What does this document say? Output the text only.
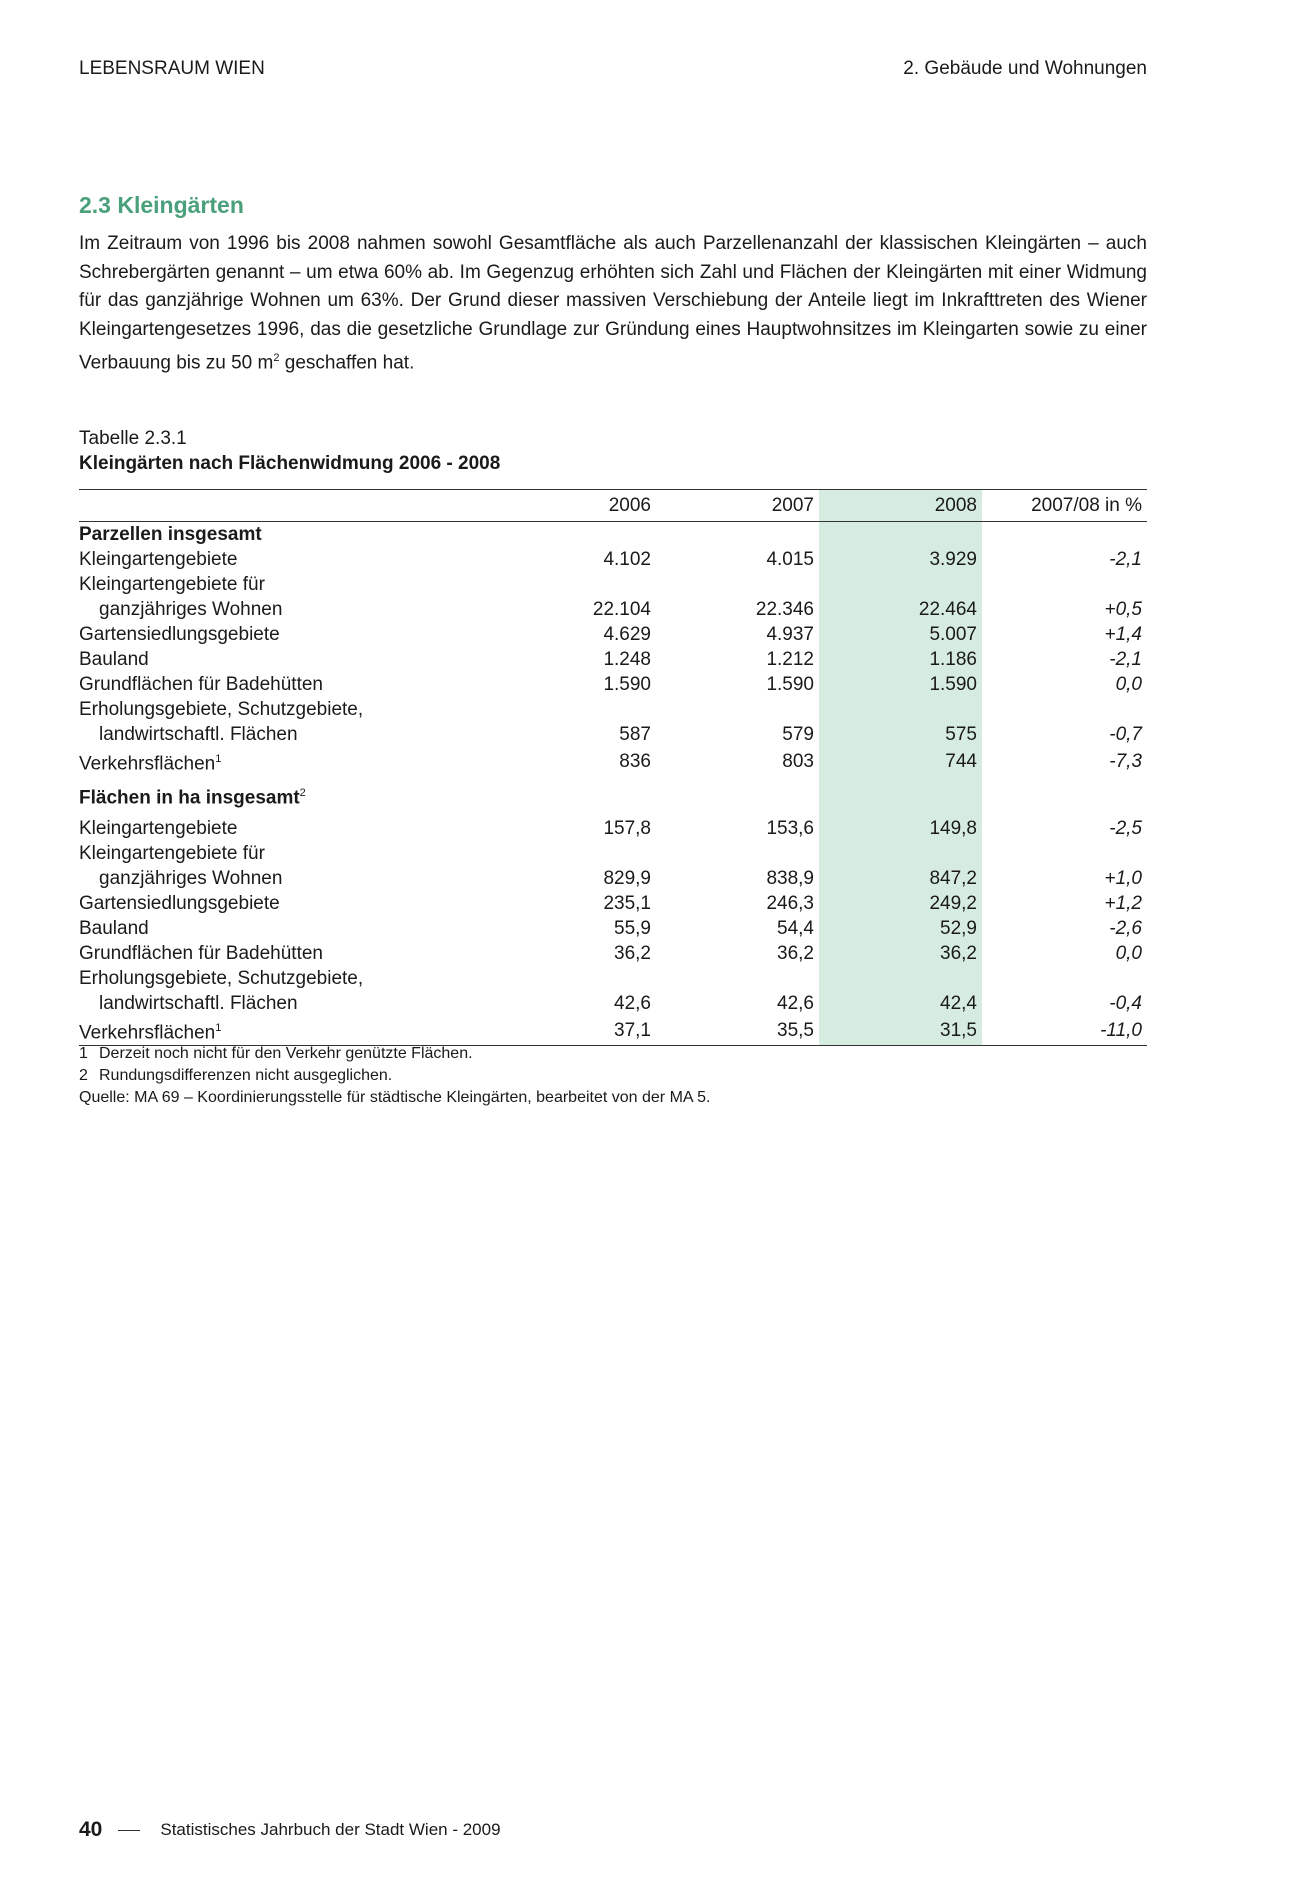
LEBENSRAUM WIEN	2. Gebäude und Wohnungen
2.3 Kleingärten

Im Zeitraum von 1996 bis 2008 nahmen sowohl Gesamtfläche als auch Parzellenanzahl der klassischen Kleingärten – auch Schrebergärten genannt – um etwa 60% ab. Im Gegenzug erhöhten sich Zahl und Flächen der Kleingärten mit einer Widmung für das ganzjährige Wohnen um 63%. Der Grund dieser massiven Verschiebung der Anteile liegt im Inkrafttreten des Wiener Kleingartengesetzes 1996, das die gesetzliche Grundlage zur Gründung eines Hauptwohnsitzes im Kleingarten sowie zu einer Verbauung bis zu 50 $m^2$ geschaffen hat.

Tabelle 2.3.1
Kleingärten nach Flächenwidmung 2006 - 2008
	2006	2007	2008	2007/08 in %
Parzellen insgesamt				
Kleingartengebiete	4.102	4.015	3.929	-2,1
Kleingartengebiete für				
ganzjähriges Wohnen	22.104	22.346	22.464	+0,5
Gartensiedlungsgebiete	4.629	4.937	5.007	+1,4
Bauland	1.248	1.212	1.186	-2,1
Grundflächen für Badehütten	1.590	1.590	1.590	0,0
Erholungsgebiete, Schutzgebiete,				
landwirtschaftl. Flächen	587	579	575	-0,7
Verkehrsflächen$^1$	836	803	744	-7,3
Flächen in ha insgesamt$^2$				
Kleingartengebiete	157,8	153,6	149,8	-2,5
Kleingartengebiete für				
ganzjähriges Wohnen	829,9	838,9	847,2	+1,0
Gartensiedlungsgebiete	235,1	246,3	249,2	+1,2
Bauland	55,9	54,4	52,9	-2,6
Grundflächen für Badehütten	36,2	36,2	36,2	0,0
Erholungsgebiete, Schutzgebiete,				
landwirtschaftl. Flächen	42,6	42,6	42,4	-0,4
Verkehrsflächen$^1$	37,1	35,5	31,5	-11,0
1 Derzeit noch nicht für den Verkehr genützte Flächen.
2 Rundungsdifferenzen nicht ausgeglichen.
Quelle: MA 69 – Koordinierungsstelle für städtische Kleingärten, bearbeitet von der MA 5.
40	Statistisches Jahrbuch der Stadt Wien - 2009
